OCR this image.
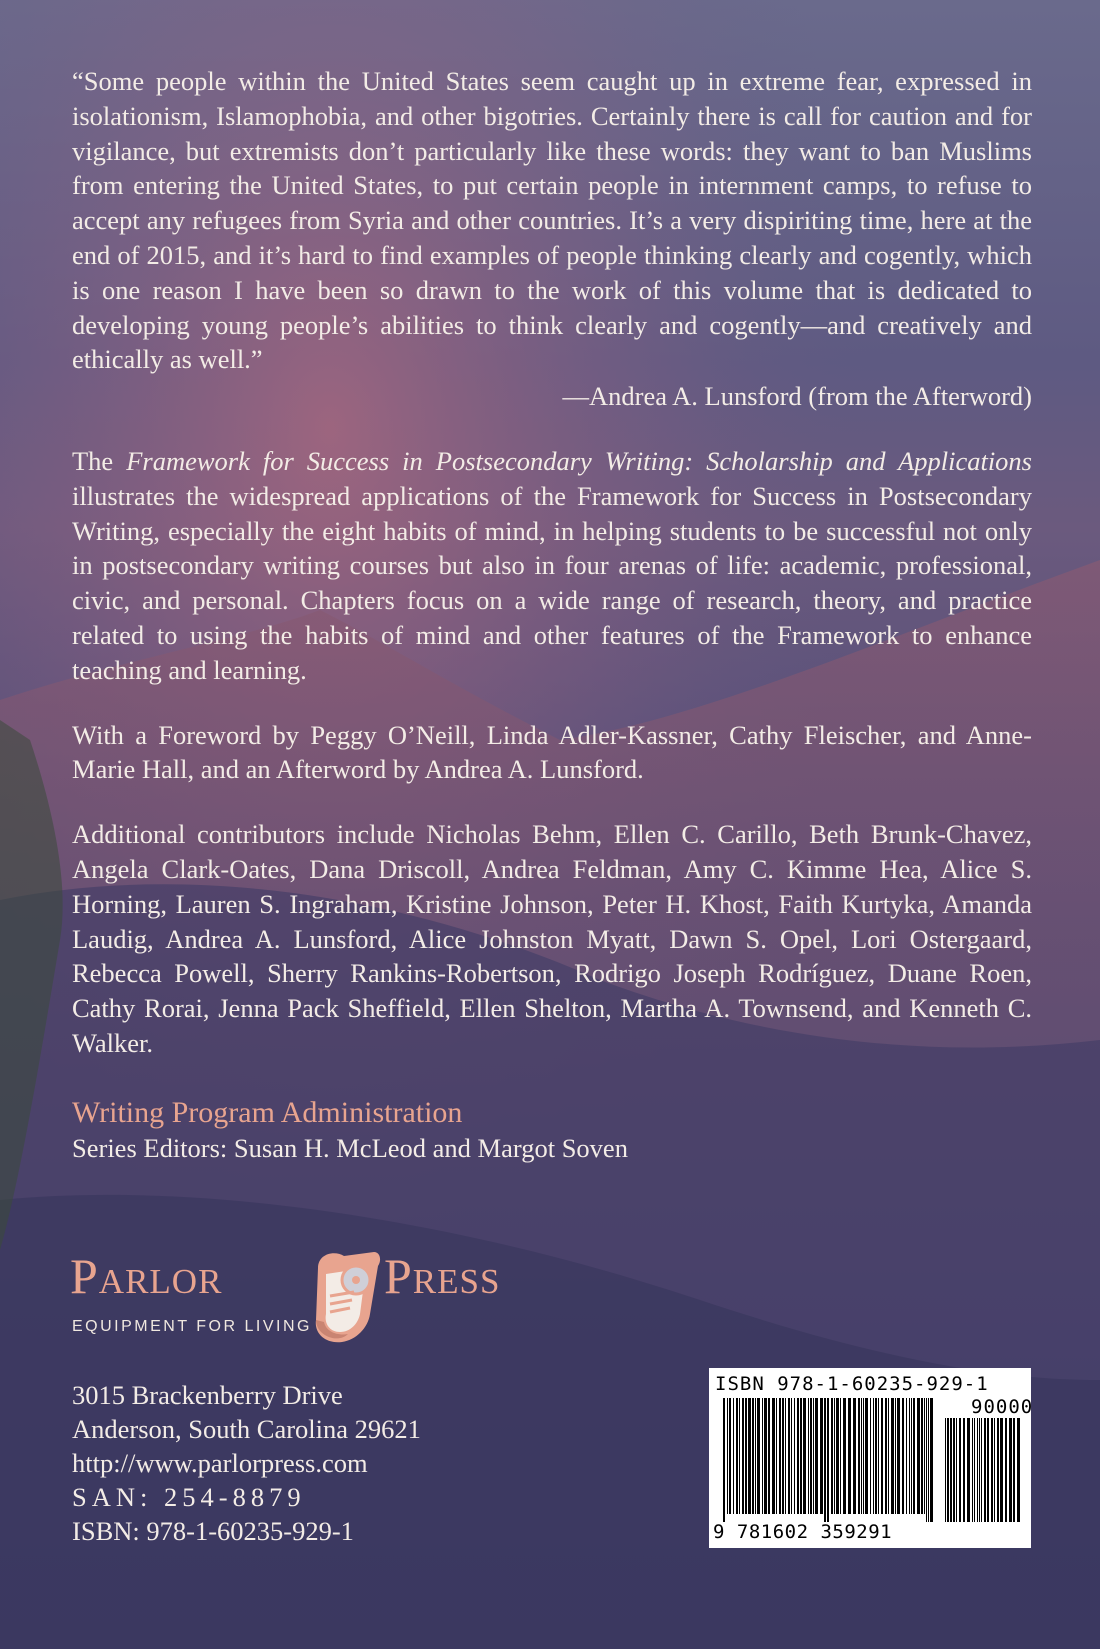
“Some people within the United States seem caught up in extreme fear, expressed in isolationism, Islamophobia, and other bigotries. Certainly there is call for caution and for vigilance, but extremists don’t particularly like these words: they want to ban Muslims from entering the United States, to put certain people in internment camps, to refuse to accept any refugees from Syria and other countries. It’s a very dispiriting time, here at the end of 2015, and it’s hard to find examples of people thinking clearly and cogently, which is one reason I have been so drawn to the work of this volume that is dedicated to developing young people’s abilities to think clearly and cogently—and creatively and ethically as well.”

—Andrea A. Lunsford (from the Afterword)

The Framework for Success in Postsecondary Writing: Scholarship and Applications illustrates the widespread applications of the Framework for Success in Postsecondary Writing, especially the eight habits of mind, in helping students to be successful not only in postsecondary writing courses but also in four arenas of life: academic, professional, civic, and personal. Chapters focus on a wide range of research, theory, and practice related to using the habits of mind and other features of the Framework to enhance teaching and learning.

With a Foreword by Peggy O’Neill, Linda Adler-Kassner, Cathy Fleischer, and Anne-Marie Hall, and an Afterword by Andrea A. Lunsford.

Additional contributors include Nicholas Behm, Ellen C. Carillo, Beth Brunk-Chavez, Angela Clark-Oates, Dana Driscoll, Andrea Feldman, Amy C. Kimme Hea, Alice S. Horning, Lauren S. Ingraham, Kristine Johnson, Peter H. Khost, Faith Kurtyka, Amanda Laudig, Andrea A. Lunsford, Alice Johnston Myatt, Dawn S. Opel, Lori Ostergaard, Rebecca Powell, Sherry Rankins-Robertson, Rodrigo Joseph Rodríguez, Duane Roen, Cathy Rorai, Jenna Pack Sheffield, Ellen Shelton, Martha A. Townsend, and Kenneth C. Walker.

Writing Program Administration
Series Editors: Susan H. McLeod and Margot Soven
Parlor	Press
EQUIPMENT FOR LIVING
3015 Brackenberry Drive
Anderson, South Carolina 29621
http://www.parlorpress.com
SAN: 254-8879
ISBN: 978-1-60235-929-1
ISBN 978-1-60235-929-1
90000
9 781602 359291
